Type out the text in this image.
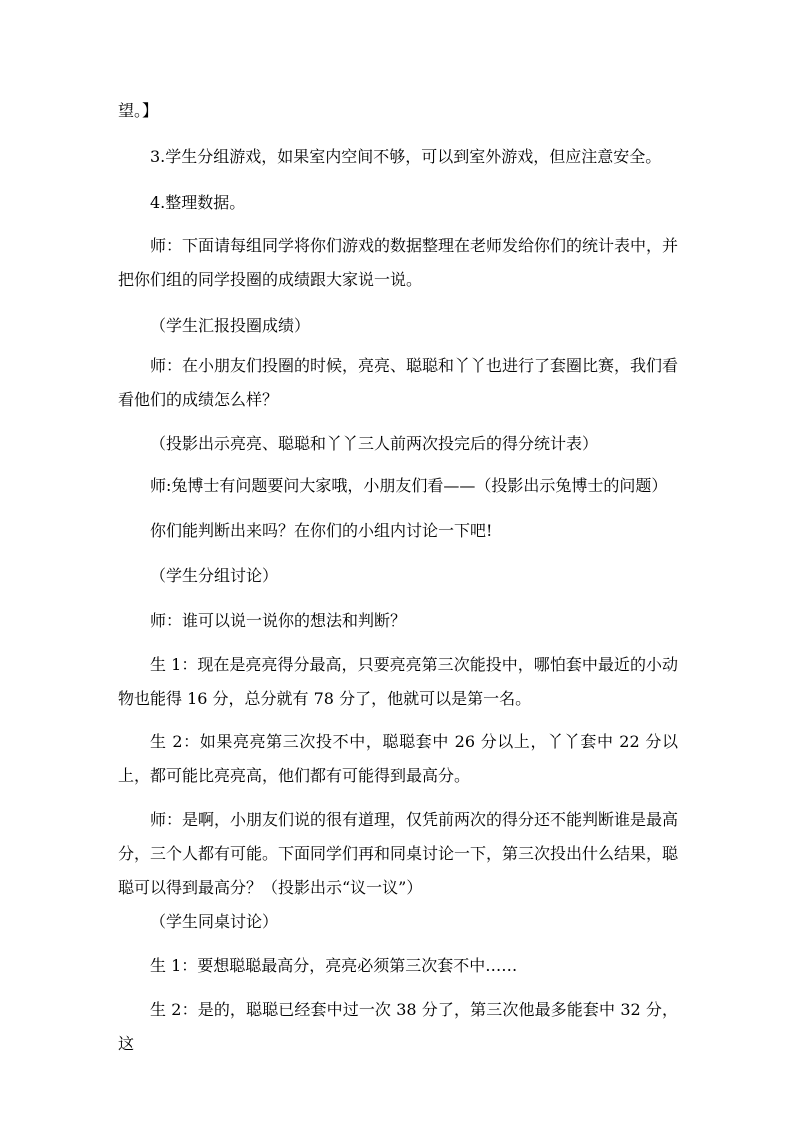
望。】
3.学生分组游戏，如果室内空间不够，可以到室外游戏，但应注意安全。
4.整理数据。
师：下面请每组同学将你们游戏的数据整理在老师发给你们的统计表中，并把你们组的同学投圈的成绩跟大家说一说。
（学生汇报投圈成绩）
师：在小朋友们投圈的时候，亮亮、聪聪和丫丫也进行了套圈比赛，我们看看他们的成绩怎么样？
（投影出示亮亮、聪聪和丫丫三人前两次投完后的得分统计表）
师:兔博士有问题要问大家哦，小朋友们看——（投影出示兔博士的问题）
你们能判断出来吗？在你们的小组内讨论一下吧!
（学生分组讨论）
师：谁可以说一说你的想法和判断？
生 1：现在是亮亮得分最高，只要亮亮第三次能投中，哪怕套中最近的小动物也能得 16 分，总分就有 78 分了，他就可以是第一名。
生 2：如果亮亮第三次投不中，聪聪套中 26 分以上，丫丫套中 22 分以上，都可能比亮亮高，他们都有可能得到最高分。
师：是啊，小朋友们说的很有道理，仅凭前两次的得分还不能判断谁是最高分，三个人都有可能。下面同学们再和同桌讨论一下，第三次投出什么结果，聪聪可以得到最高分？（投影出示“议一议”）
（学生同桌讨论）
生 1：要想聪聪最高分，亮亮必须第三次套不中……
生 2：是的，聪聪已经套中过一次 38 分了，第三次他最多能套中 32 分，这
